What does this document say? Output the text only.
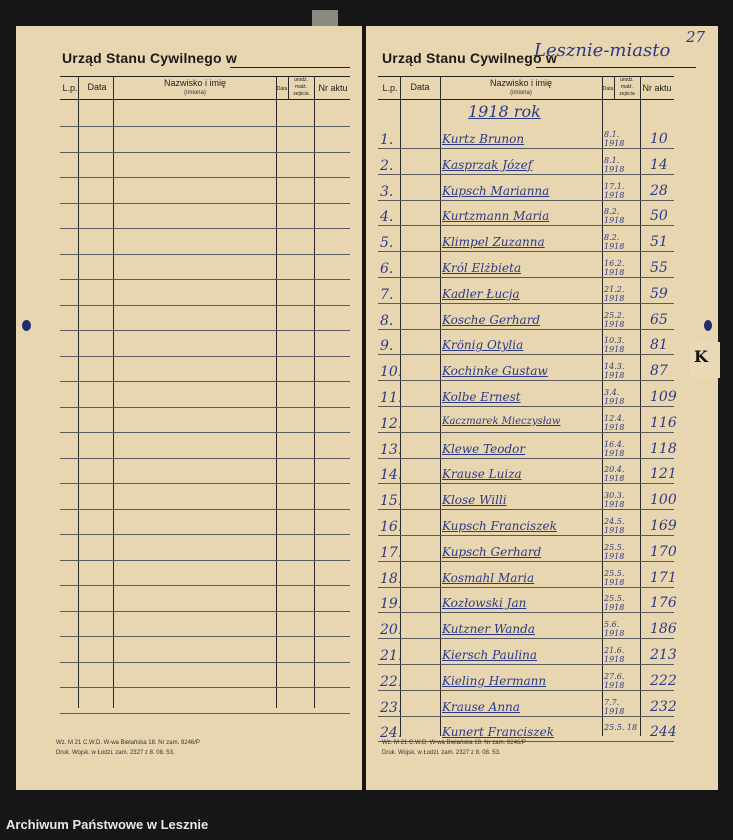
Urząd Stanu Cywilnego w
L.p.	Data	Nazwisko i imię
(imiona)
Data
urodz.
małż.
zejścia
Nr aktu
Wz. M 21 C.W.D. W-wa Bielańska 18. Nr zam. 9246/P
Druk. Wojsk. w Łodzi. zam. 2327 z 8. 08. 53.
Urząd Stanu Cywilnego w
Lesznie-miasto
27
L.p.	Data	Nazwisko i imię
(imiona)
Data
urodz.
małż.
zejścia
Nr aktu
1918 rok
1.	Kurtz Brunon	8.1. 1918	10
2.	Kasprzak Józef	8.1. 1918	14
3.	Kupsch Marianna	17.1. 1918	28
4.	Kurtzmann Maria	8.2. 1918	50
5.	Klimpel Zuzanna	8.2. 1918	51
6.	Król Elżbieta	16.2. 1918	55
7.	Kadler Łucja	21.2. 1918	59
8.	Kosche Gerhard	25.2. 1918	65
9.	Krönig Otylia	10.3. 1918	81
10.	Kochinke Gustaw	14.3. 1918	87
11.	Kolbe Ernest	3.4. 1918	109
12.	Kaczmarek Mieczysław	12.4. 1918	116
13.	Klewe Teodor	16.4. 1918	118
14.	Krause Luiza	20.4. 1918	121
15.	Klose Willi	30.3. 1918	100
16.	Kupsch Franciszek	24.5. 1918	169
17.	Kupsch Gerhard	25.5. 1918	170
18.	Kosmahl Maria	25.5. 1918	171
19.	Kozłowski Jan	25.5. 1918	176
20.	Kutzner Wanda	5.6. 1918	186
21.	Kiersch Paulina	21.6. 1918	213
22.	Kieling Hermann	27.6. 1918	222
23.	Krause Anna	7.7. 1918	232
24.	Kunert Franciszek	25.5. 18 244
Wz. M 21 C.W.D. W-wa Bielańska 18. Nr zam. 9246/P
Druk. Wojsk. w Łodzi. zam. 2327 z 8. 08. 53.
K
Archiwum Państwowe w Lesznie
